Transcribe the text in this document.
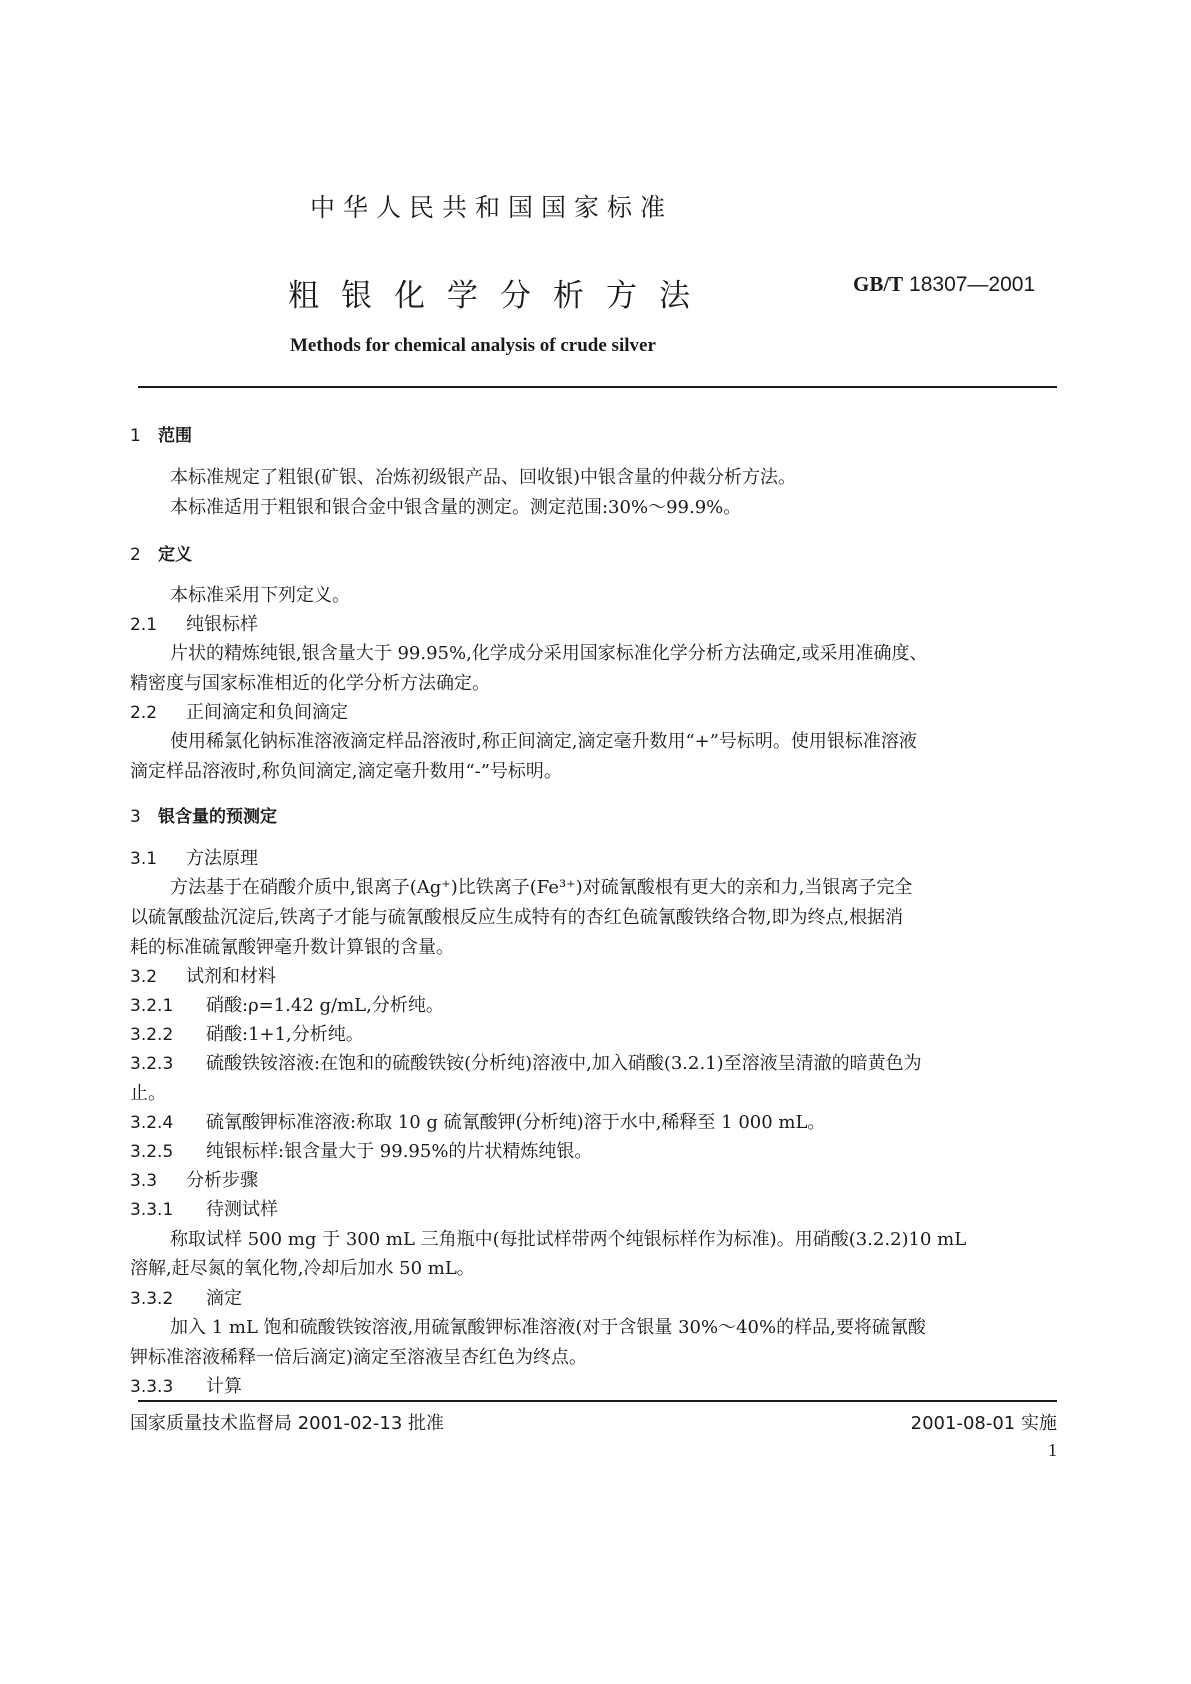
中华人民共和国国家标准
粗银化学分析方法	GB/T 18307—2001
Methods for chemical analysis of crude silver
1 范围
本标准规定了粗银(矿银、冶炼初级银产品、回收银)中银含量的仲裁分析方法。
本标准适用于粗银和银合金中银含量的测定。测定范围:30%～99.9%。
2 定义
本标准采用下列定义。
2.1 纯银标样
片状的精炼纯银,银含量大于 99.95%,化学成分采用国家标准化学分析方法确定,或采用准确度、
精密度与国家标准相近的化学分析方法确定。
2.2 正间滴定和负间滴定
使用稀氯化钠标准溶液滴定样品溶液时,称正间滴定,滴定毫升数用“+”号标明。使用银标准溶液
滴定样品溶液时,称负间滴定,滴定毫升数用“-”号标明。
3 银含量的预测定
3.1 方法原理
方法基于在硝酸介质中,银离子(Ag⁺)比铁离子(Fe³⁺)对硫氰酸根有更大的亲和力,当银离子完全
以硫氰酸盐沉淀后,铁离子才能与硫氰酸根反应生成特有的杏红色硫氰酸铁络合物,即为终点,根据消
耗的标准硫氰酸钾毫升数计算银的含量。
3.2 试剂和材料
3.2.1 硝酸:ρ=1.42 g/mL,分析纯。
3.2.2 硝酸:1+1,分析纯。
3.2.3 硫酸铁铵溶液:在饱和的硫酸铁铵(分析纯)溶液中,加入硝酸(3.2.1)至溶液呈清澈的暗黄色为
止。
3.2.4 硫氰酸钾标准溶液:称取 10 g 硫氰酸钾(分析纯)溶于水中,稀释至 1 000 mL。
3.2.5 纯银标样:银含量大于 99.95%的片状精炼纯银。
3.3 分析步骤
3.3.1 待测试样
称取试样 500 mg 于 300 mL 三角瓶中(每批试样带两个纯银标样作为标准)。用硝酸(3.2.2)10 mL
溶解,赶尽氮的氧化物,冷却后加水 50 mL。
3.3.2 滴定
加入 1 mL 饱和硫酸铁铵溶液,用硫氰酸钾标准溶液(对于含银量 30%～40%的样品,要将硫氰酸
钾标准溶液稀释一倍后滴定)滴定至溶液呈杏红色为终点。
3.3.3 计算
国家质量技术监督局 2001-02-13 批准	2001-08-01 实施
1
